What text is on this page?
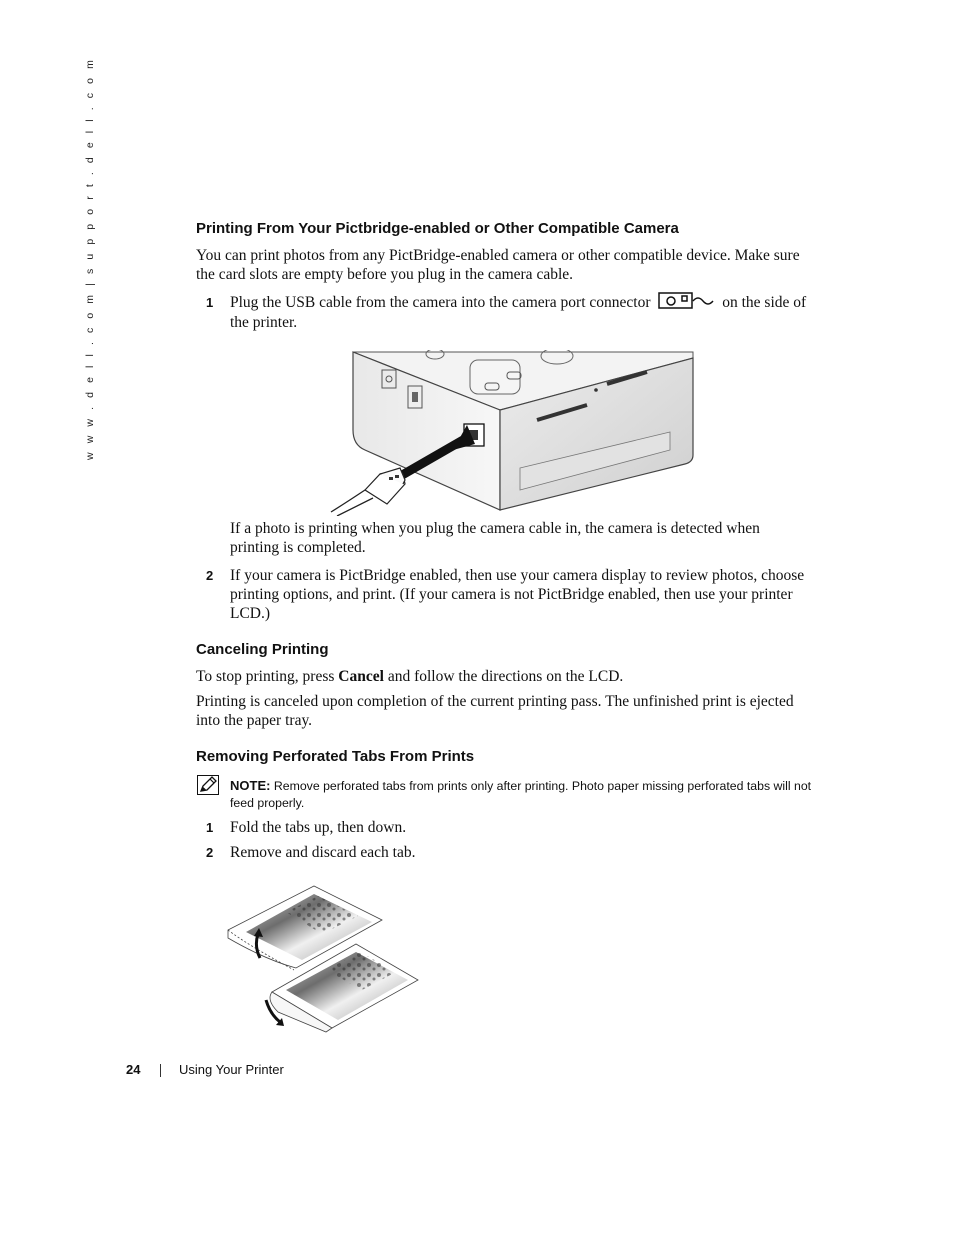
w w w . d e l l . c o m | s u p p o r t . d e l l . c o m	Printing From Your Pictbridge-enabled or Other Compatible Camera
You can print photos from any PictBridge-enabled camera or other compatible device. Make sure the card slots are empty before you plug in the camera cable.
1 Plug the USB cable from the camera into the camera port connector	on the side of the printer.
If a photo is printing when you plug the camera cable in, the camera is detected when printing is completed.
2 If your camera is PictBridge enabled, then use your camera display to review photos, choose printing options, and print. (If your camera is not PictBridge enabled, then use your printer LCD.)
Canceling Printing
To stop printing, press Cancel and follow the directions on the LCD.
Printing is canceled upon completion of the current printing pass. The unfinished print is ejected into the paper tray.
Removing Perforated Tabs From Prints
NOTE: Remove perforated tabs from prints only after printing. Photo paper missing perforated tabs will not feed properly.
1 Fold the tabs up, then down.
2 Remove and discard each tab.
24	Using Your Printer
